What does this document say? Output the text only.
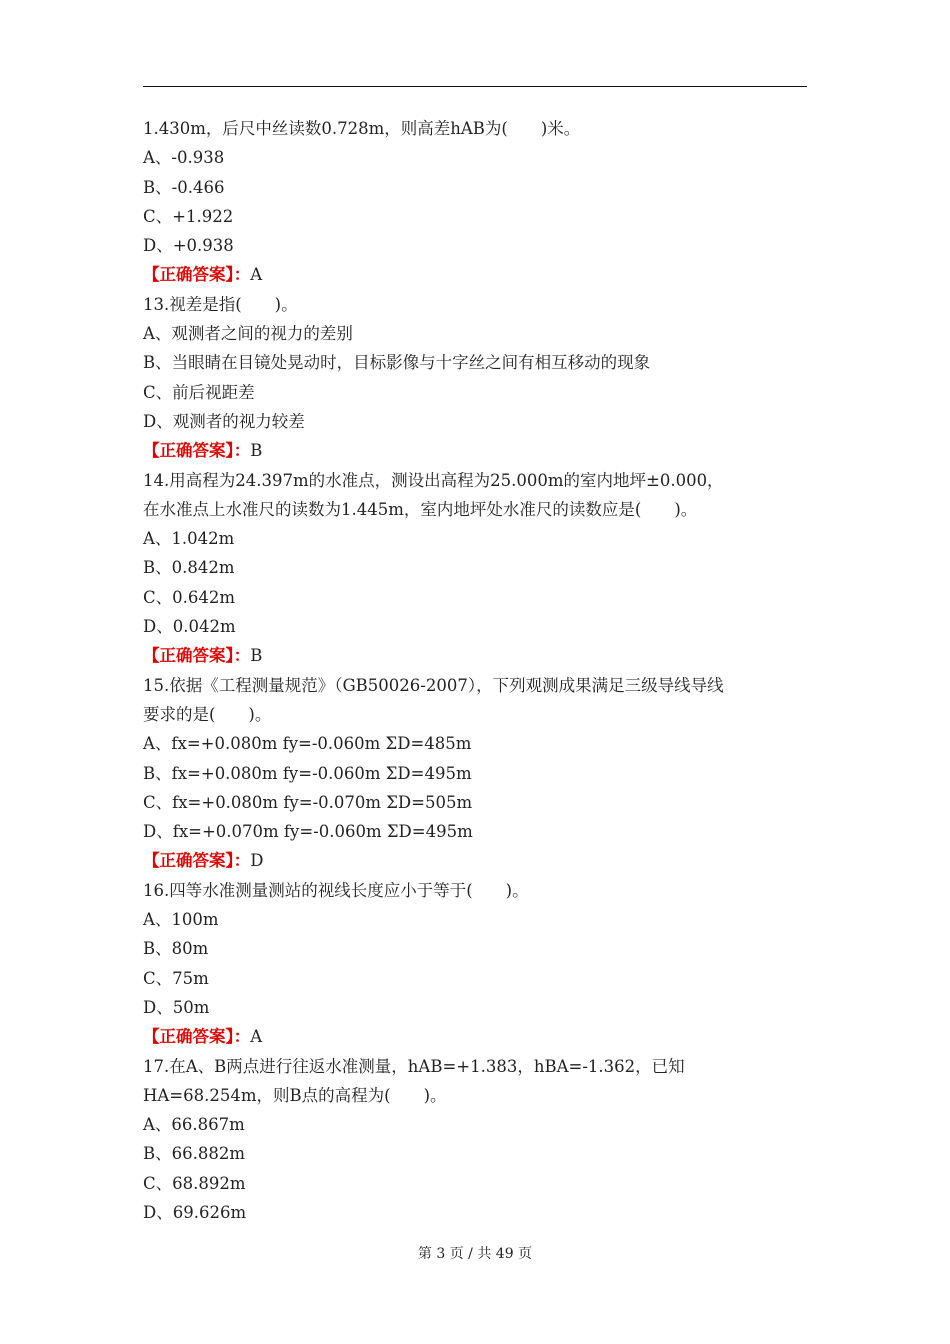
1.430m，后尺中丝读数0.728m，则高差hAB为(　　)米。
A、-0.938
B、-0.466
C、+1.922
D、+0.938
【正确答案】：A
13.视差是指(　　)。
A、观测者之间的视力的差别
B、当眼睛在目镜处晃动时，目标影像与十字丝之间有相互移动的现象
C、前后视距差
D、观测者的视力较差
【正确答案】：B
14.用高程为24.397m的水准点，测设出高程为25.000m的室内地坪±0.000，
在水准点上水准尺的读数为1.445m，室内地坪处水准尺的读数应是(　　)。
A、1.042m
B、0.842m
C、0.642m
D、0.042m
【正确答案】：B
15.依据《工程测量规范》（GB50026-2007），下列观测成果满足三级导线导线
要求的是(　　)。
A、fx=+0.080m fy=-0.060m ΣD=485m
B、fx=+0.080m fy=-0.060m ΣD=495m
C、fx=+0.080m fy=-0.070m ΣD=505m
D、fx=+0.070m fy=-0.060m ΣD=495m
【正确答案】：D
16.四等水准测量测站的视线长度应小于等于(　　)。
A、100m
B、80m
C、75m
D、50m
【正确答案】：A
17.在A、B两点进行往返水准测量，hAB=+1.383，hBA=-1.362，已知
HA=68.254m，则B点的高程为(　　)。
A、66.867m
B、66.882m
C、68.892m
D、69.626m
第 3 页 / 共 49 页
